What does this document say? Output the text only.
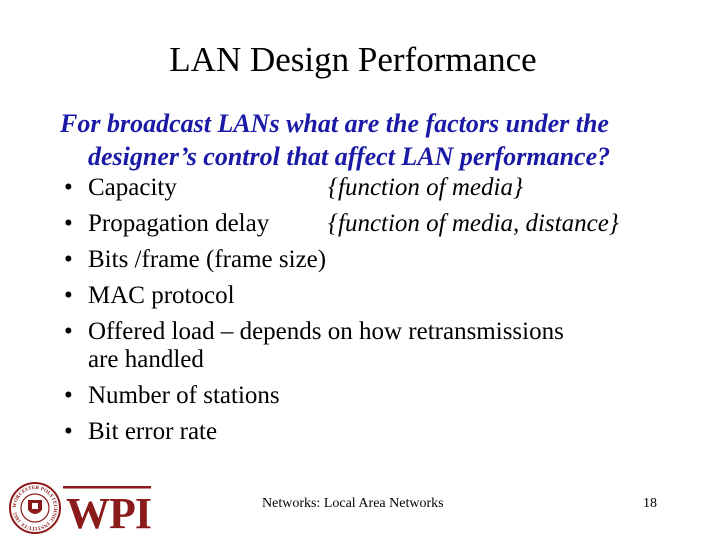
LAN Design Performance
For broadcast LANs what are the factors under the
designer’s control that affect LAN performance?
• Capacity	{function of media}
• Propagation delay {function of media, distance}
• Bits /frame (frame size)
• MAC protocol
• Offered load – depends on how retransmissions
are handled
• Number of stations
• Bit error rate
WORCESTER POLYTECHNIC INSTITUTE 1865	WPI	Networks: Local Area Networks	18
